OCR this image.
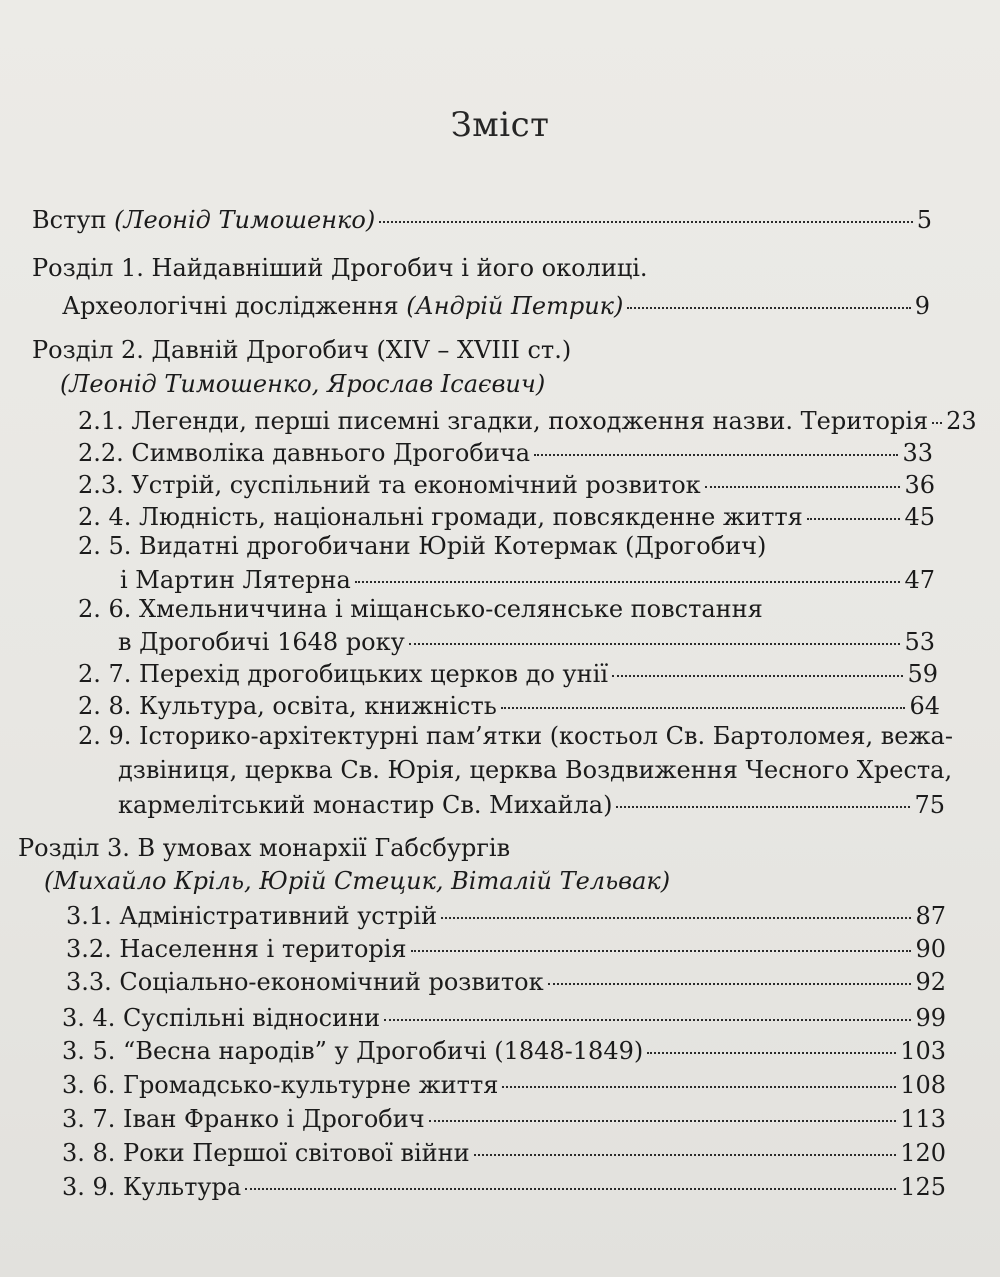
Зміст
Вступ (Леонід Тимошенко)	5
Розділ 1. Найдавніший Дрогобич і його околиці.
Археологічні дослідження (Андрій Петрик)	9
Розділ 2. Давній Дрогобич (XIV – XVIII ст.)
(Леонід Тимошенко, Ярослав Ісаєвич)
2.1. Легенди, перші писемні згадки, походження назви. Територія 23
2.2. Символіка давнього Дрогобича	33
2.3. Устрій, суспільний та економічний розвиток	36
2. 4. Людність, національні громади, повсякденне життя	45
2. 5. Видатні дрогобичани Юрій Котермак (Дрогобич)
і Мартин Лятерна	47
2. 6. Хмельниччина і міщансько-селянське повстання
в Дрогобичі 1648 року	53
2. 7. Перехід дрогобицьких церков до унії	59
2. 8. Культура, освіта, книжність	64
2. 9. Історико-архітектурні пам’ятки (костьол Св. Бартоломея, вежа-
дзвіниця, церква Св. Юрія, церква Воздвиження Чесного Хреста,
кармелітський монастир Св. Михайла)	75
Розділ 3. В умовах монархії Габсбургів
(Михайло Кріль, Юрій Стецик, Віталій Тельвак)
3.1. Адміністративний устрій	87
3.2. Населення і територія	90
3.3. Соціально-економічний розвиток	92
3. 4. Суспільні відносини	99
3. 5. “Весна народів” у Дрогобичі (1848-1849)	103
3. 6. Громадсько-культурне життя	108
3. 7. Іван Франко і Дрогобич	113
3. 8. Роки Першої світової війни	120
3. 9. Культура	125
